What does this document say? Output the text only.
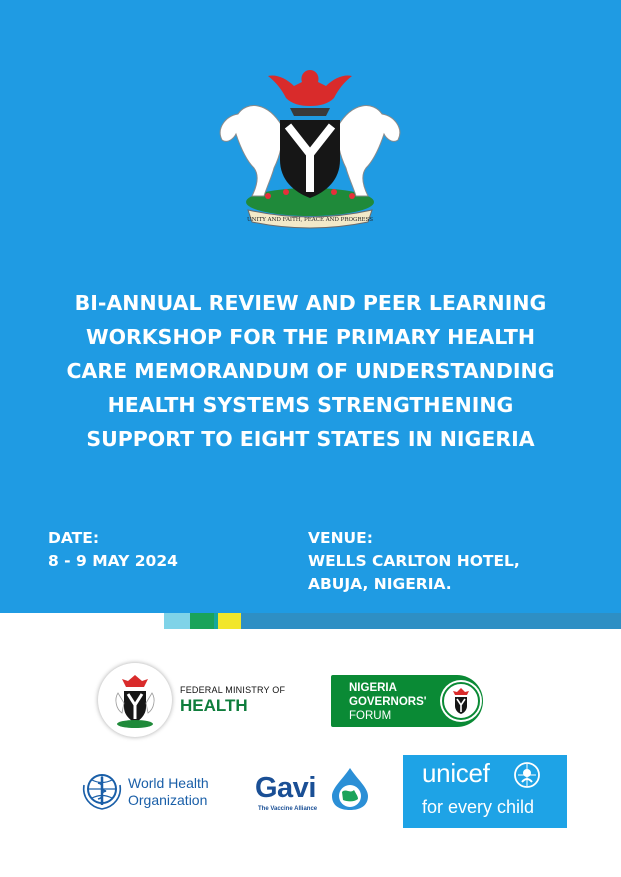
UNITY AND FAITH, PEACE AND PROGRESS
BI-ANNUAL REVIEW AND PEER LEARNING
WORKSHOP FOR THE PRIMARY HEALTH
CARE MEMORANDUM OF UNDERSTANDING
HEALTH SYSTEMS STRENGTHENING
SUPPORT TO EIGHT STATES IN NIGERIA
DATE:
8 - 9 MAY 2024
VENUE:
WELLS CARLTON HOTEL,
ABUJA, NIGERIA.
FEDERAL MINISTRY OF
HEALTH
NIGERIA
GOVERNORS'
FORUM
World Health
Organization Gavi
The Vaccine Alliance
unicef
for every child
